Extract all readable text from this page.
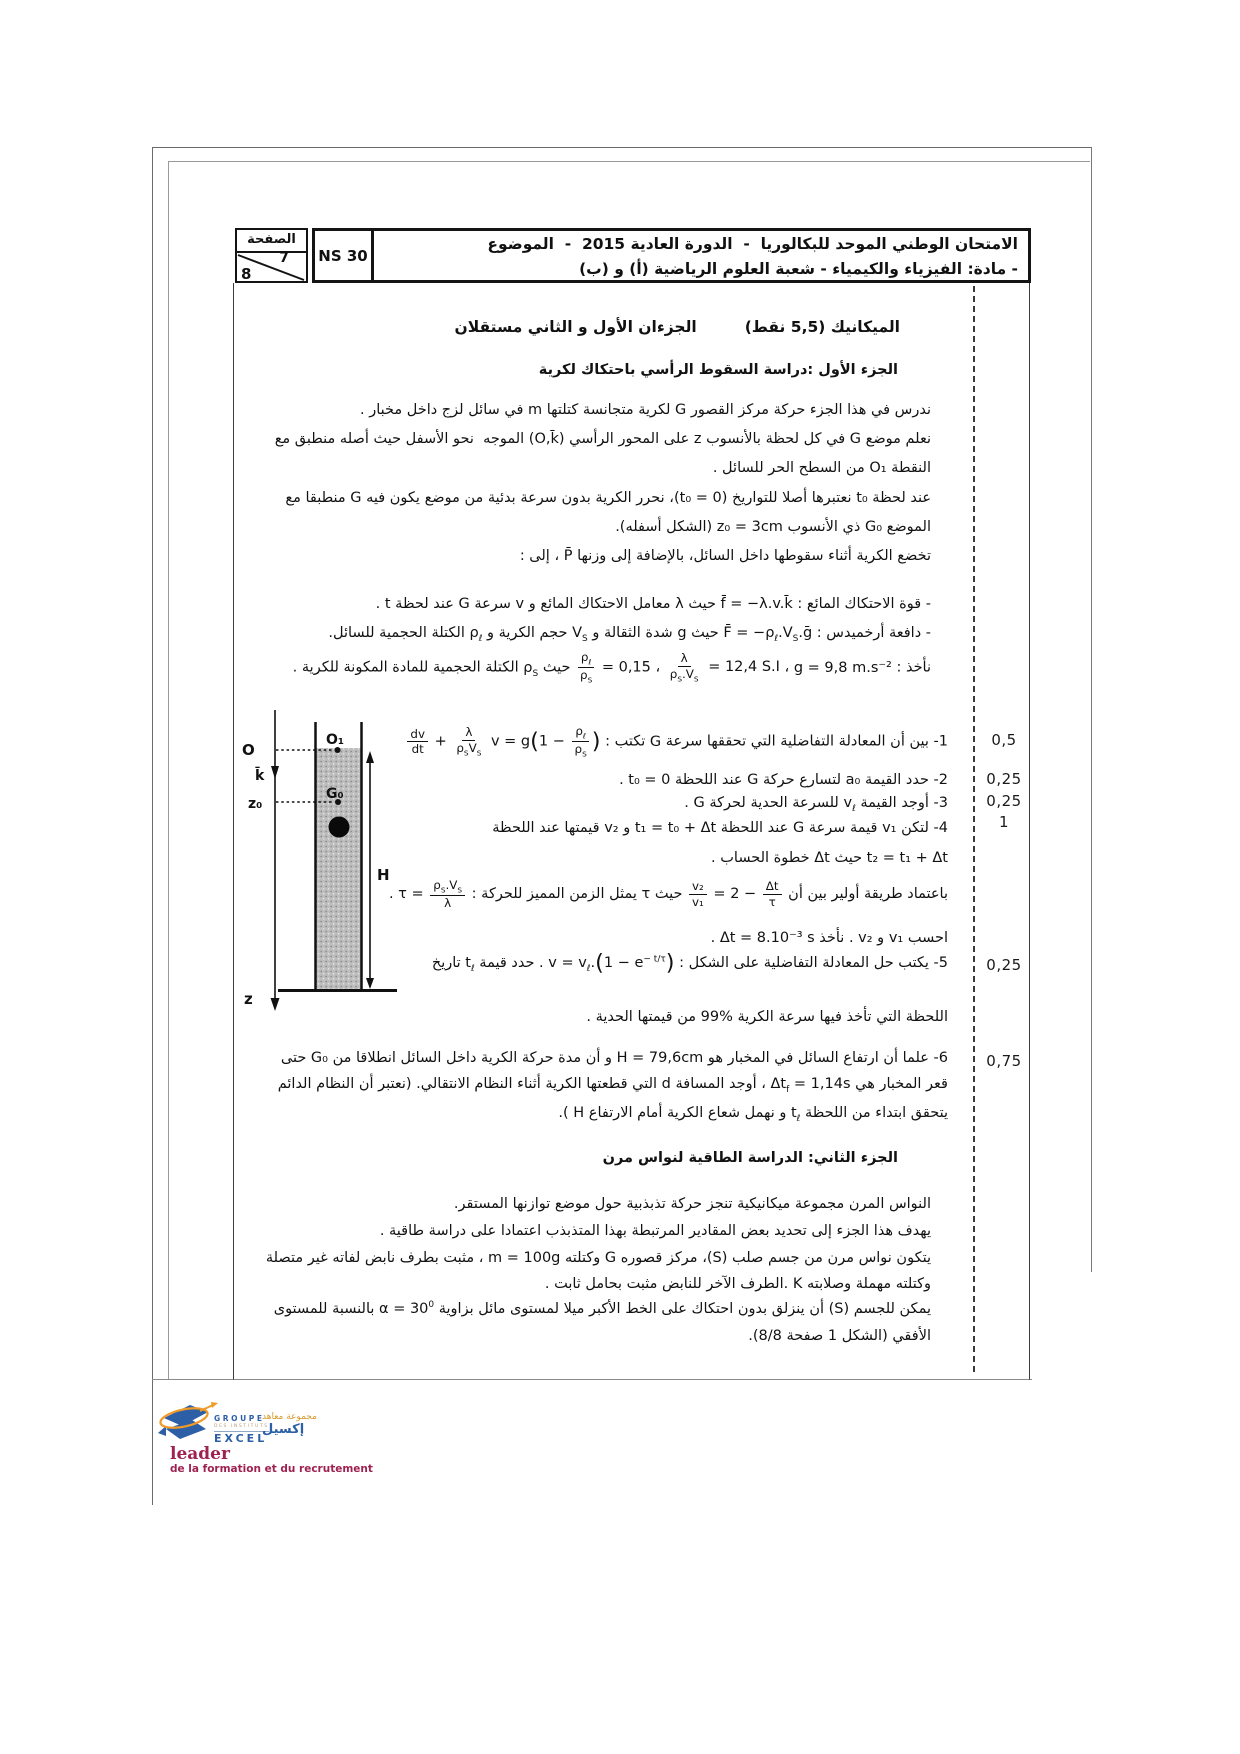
الصفحة
7
8
NS 30
الامتحان الوطني الموحد للبكالوريا  -  الدورة العادية 2015  -  الموضوع
- مادة: الفيزياء والكيمياء - شعبة العلوم الرياضية (أ) و (ب)
الميكانيك (5,5 نقط)
الجزءان الأول و الثاني مستقلان
الجزء الأول :دراسة السقوط الرأسي باحتكاك لكرية
ندرس في هذا الجزء حركة مركز القصور G لكرية متجانسة كتلتها m في سائل لزج داخل مخبار .
نعلم موضع G في كل لحظة بالأنسوب z على المحور الرأسي (O,k̄) الموجه  نحو الأسفل حيث أصله منطبق مع
النقطة O₁ من السطح الحر للسائل .
عند لحظة t₀ نعتبرها أصلا للتواريخ (t₀ = 0)، نحرر الكرية بدون سرعة بدئية من موضع يكون فيه G منطبقا مع
الموضع G₀ ذي الأنسوب z₀ = 3cm (الشكل أسفله).
تخضع الكرية أثناء سقوطها داخل السائل، بالإضافة إلى وزنها P̄ ، إلى :
- قوة الاحتكاك المائع : f̄ = −λ.v.k̄ حيث λ معامل الاحتكاك المائع و v سرعة G عند لحظة t .
- دافعة أرخميدس : F̄ = $-\rho_\ell.V_S.ḡ$ حيث g شدة الثقالة و $V_S$ حجم الكرية و $\rho_\ell$ الكتلة الحجمية للسائل.
نأخذ : g = 9,8 m.s⁻² ،
$\frac{\lambda}{\rho_S.V_S} = 12,4$ S.I ،
$\rho_\ell$
$\rho_S$
= 0,15 حيث $\rho_S$ الكتلة الحجمية للمادة المكونة للكرية .
1- بين أن المعادلة التفاضلية التي تحققها سرعة G تكتب :
$\frac{dv}{dt}$ +
λ
$\rho_SV_S$
v = g(1 −
$\rho_\ell$
$\rho_S$ )
2- حدد القيمة a₀ لتسارع حركة G عند اللحظة t₀ = 0 .
3- أوجد القيمة $v_\ell$ للسرعة الحدية لحركة G .
4- لتكن v₁ قيمة سرعة G عند اللحظة t₁ = t₀ + Δt و v₂ قيمتها عند اللحظة
t₂ = t₁ + Δt حيث Δt خطوة الحساب .
باعتماد طريقة أولير بين أن
$\frac{\text{v₂}}{\text{v₁}} = 2 - \frac{\Delta t}{\tau}$
حيث τ يمثل الزمن المميز للحركة : $\tau = \frac{\rho_S.V_S}{\lambda}$
.
احسب v₁ و v₂ . نأخذ Δt = 8.10⁻³ s .
5- يكتب حل المعادلة التفاضلية على الشكل : $v = v_\ell.(1 - e^{- t/\tau})$ . حدد قيمة $t_\ell$ تاريخ
اللحظة التي تأخذ فيها سرعة الكرية 99% من قيمتها الحدية .
6- علما أن ارتفاع السائل في المخبار هو H = 79,6cm و أن مدة حركة الكرية داخل السائل انطلاقا من G₀ حتى
قعر المخبار هي $\Delta t_f = 1,14s$ ، أوجد المسافة d التي قطعتها الكرية أثناء النظام الانتقالي. (نعتبر أن النظام الدائم
يتحقق ابتداء من اللحظة $t_\ell$ و نهمل شعاع الكرية أمام الارتفاع H ).
الجزء الثاني: الدراسة الطاقية لنواس مرن
النواس المرن مجموعة ميكانيكية تنجز حركة تذبذبية حول موضع توازنها المستقر.
يهدف هذا الجزء إلى تحديد بعض المقادير المرتبطة بهذا المتذبذب اعتمادا على دراسة طاقية .
يتكون نواس مرن من جسم صلب (S)، مركز قصوره G وكتلته m = 100g ، مثبت بطرف نابض لفاته غير متصلة
وكتلته مهملة وصلابته K .الطرف الآخر للنابض مثبت بحامل ثابت .
يمكن للجسم (S) أن ينزلق بدون احتكاك على الخط الأكبر ميلا لمستوى مائل بزاوية $\alpha = 30^0$ بالنسبة للمستوى
الأفقي (الشكل 1 صفحة 8/8).
0,5
0,25
0,25
1
0,25
0,75
O
k̄
z₀
z
O₁
G₀
H
GROUPE
DES INSTITUTS
EXCEL
مجموعة معاهد
إكسيل
leader
de la formation et du recrutement
